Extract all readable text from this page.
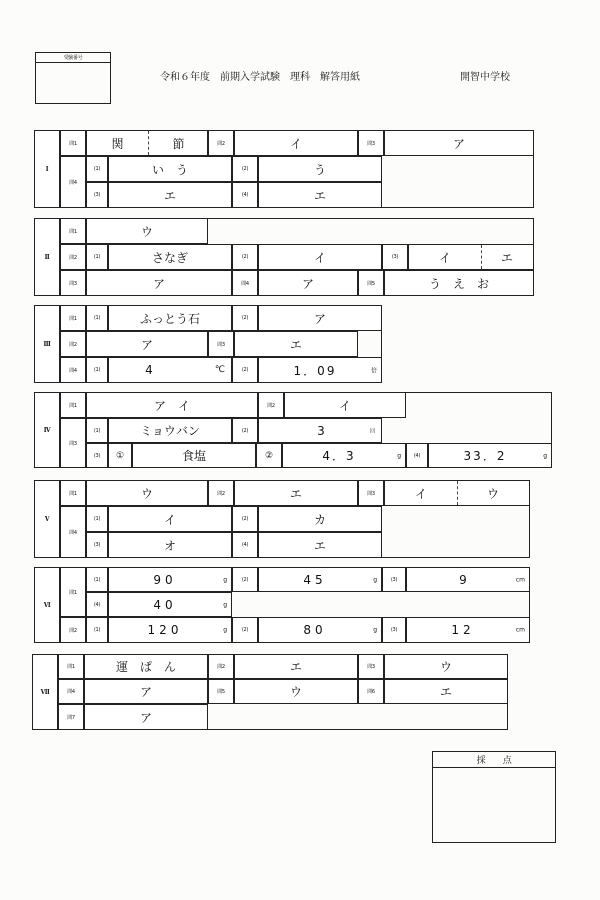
受験番号
令和６年度　前期入学試験　理科　解答用紙	開智中学校
Ⅰ
問1	関	節	問2	イ	問3	ア
問4
(1)	い　う	(2)	う
(3)	エ	(4)	エ
Ⅱ
問1	ウ
問2	(1)	さなぎ	(2)	イ	(3)	イ	エ
問3	ア	問4	ア	問5	う　え　お
Ⅲ
問1	(1)	ふっとう石	(2)	ア
問2	ア	問3	エ
問4	(1)	4	℃	(2)	1．09	倍
Ⅳ
問1	ア　イ	問2	イ
問3
(1)	ミョウバン	(2)	3	回
(3)	①	食塩	②	4．3	g	(4)	33．2	g
Ⅴ
問1	ウ	問2	エ	問3	イ	ウ
問4
(1)	イ	(2)	カ
(3)	オ	(4)	エ
Ⅵ
問1
(1)	90	g	(2)	45	g	(3)	9	cm
(4)	40	g
問2	(1)	120	g	(2)	80	g	(3)	12	cm
Ⅶ
問1	運　ぱ　ん	問2	エ	問3	ウ
問4	ア	問5	ウ	問6	エ
問7	ア
採　　点
